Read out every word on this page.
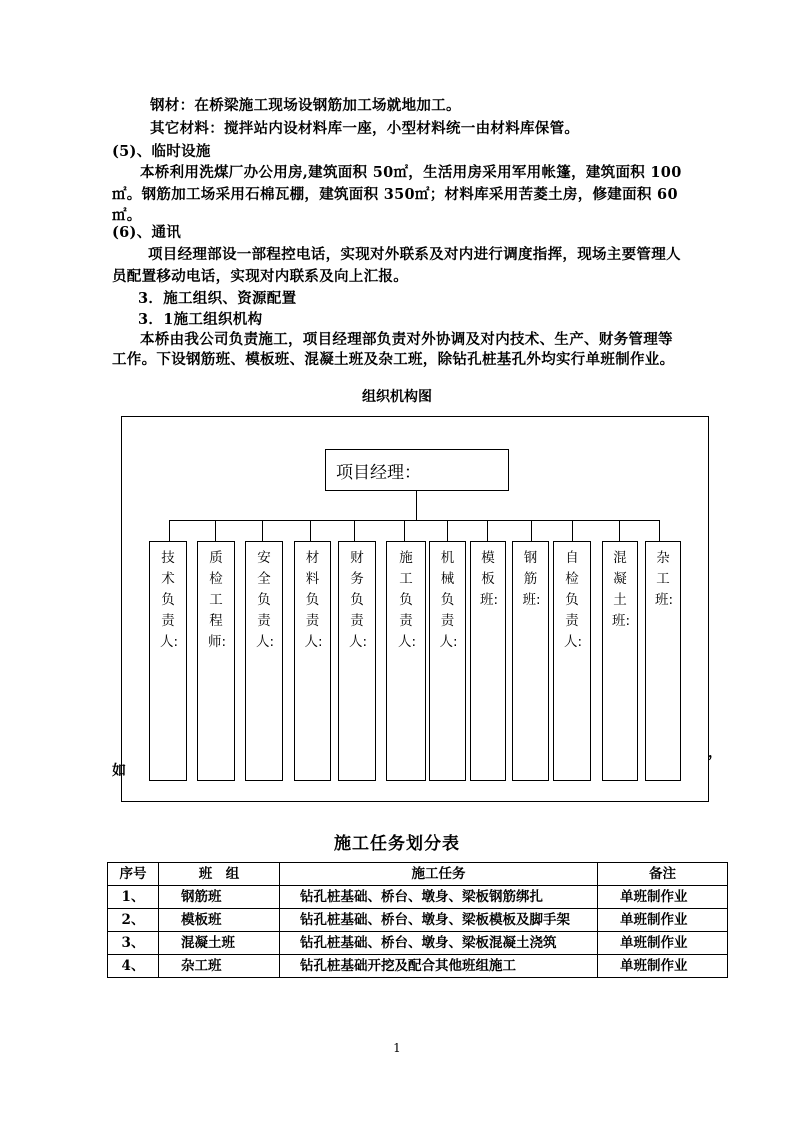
钢材：在桥梁施工现场设钢筋加工场就地加工。
其它材料：搅拌站内设材料库一座，小型材料统一由材料库保管。
(5)、临时设施
本桥利用洗煤厂办公用房,建筑面积 50㎡，生活用房采用军用帐篷，建筑面积 100
㎡。钢筋加工场采用石棉瓦棚，建筑面积 350㎡；材料库采用苦菱土房，修建面积 60
㎡。
(6)、通讯
项目经理部设一部程控电话，实现对外联系及对内进行调度指挥，现场主要管理人
员配置移动电话，实现对内联系及向上汇报。
3．施工组织、资源配置
3．1施工组织机构
本桥由我公司负责施工，项目经理部负责对外协调及对内技术、生产、财务管理等
工作。下设钢筋班、模板班、混凝土班及杂工班，除钻孔桩基孔外均实行单班制作业。
组织机构图
项目经理：
技术负责人:
质检工程师:
安全负责人:
材料负责人:
财务负责人:
施工负责人:
机械负责人:
模板班:
钢筋班:
自检负责人:
混凝土班:
杂工班:
如
，
施工任务划分表
序号	班　组	施工任务	备注
1、	钢筋班	钻孔桩基础、桥台、墩身、梁板钢筋绑扎	单班制作业
2、	模板班	钻孔桩基础、桥台、墩身、梁板模板及脚手架	单班制作业
3、	混凝土班	钻孔桩基础、桥台、墩身、梁板混凝土浇筑	单班制作业
4、	杂工班	钻孔桩基础开挖及配合其他班组施工	单班制作业
1
